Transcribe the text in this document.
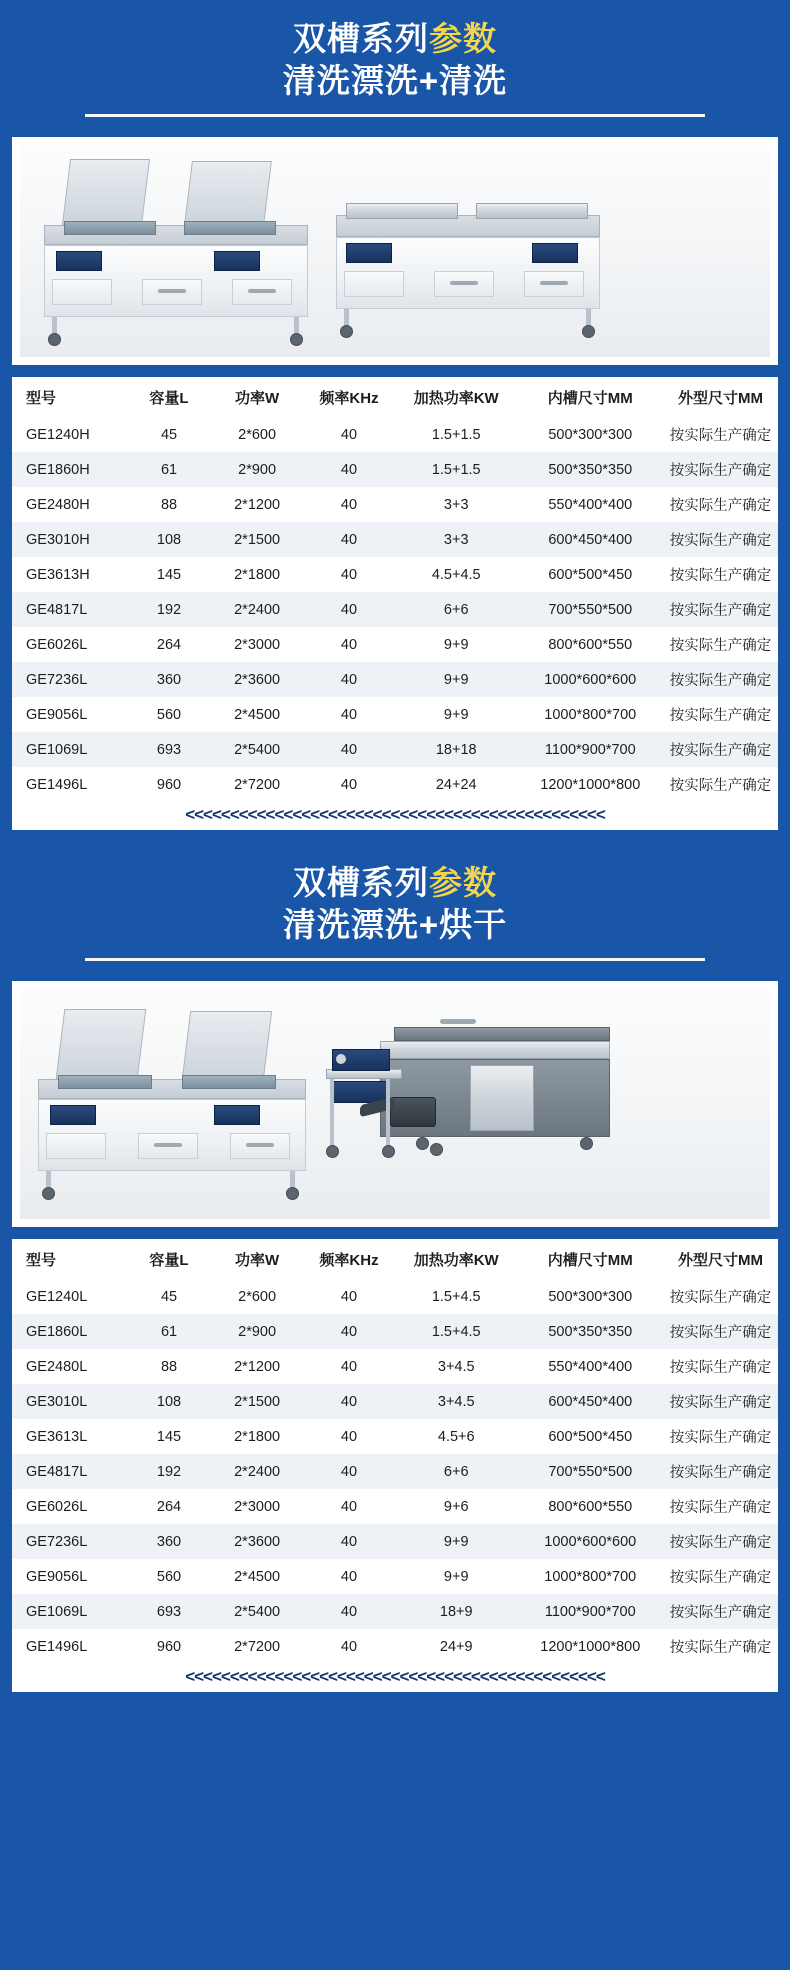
双槽系列参数
清洗漂洗+清洗
型号	容量L	功率W	频率KHz	加热功率KW	内槽尺寸MM	外型尺寸MM
GE1240H	45	2*600	40	1.5+1.5	500*300*300	按实际生产确定
GE1860H	61	2*900	40	1.5+1.5	500*350*350	按实际生产确定
GE2480H	88	2*1200	40	3+3	550*400*400	按实际生产确定
GE3010H	108	2*1500	40	3+3	600*450*400	按实际生产确定
GE3613H	145	2*1800	40	4.5+4.5	600*500*450	按实际生产确定
GE4817L	192	2*2400	40	6+6	700*550*500	按实际生产确定
GE6026L	264	2*3000	40	9+9	800*600*550	按实际生产确定
GE7236L	360	2*3600	40	9+9	1000*600*600	按实际生产确定
GE9056L	560	2*4500	40	9+9	1000*800*700	按实际生产确定
GE1069L	693	2*5400	40	18+18	1100*900*700	按实际生产确定
GE1496L	960	2*7200	40	24+24	1200*1000*800	按实际生产确定
<<<<<<<<<<<<<<<<<<<<<<<<<<<<<<<<<<<<<<<<<<<<<<<
双槽系列参数
清洗漂洗+烘干
型号	容量L	功率W	频率KHz	加热功率KW	内槽尺寸MM	外型尺寸MM
GE1240L	45	2*600	40	1.5+4.5	500*300*300	按实际生产确定
GE1860L	61	2*900	40	1.5+4.5	500*350*350	按实际生产确定
GE2480L	88	2*1200	40	3+4.5	550*400*400	按实际生产确定
GE3010L	108	2*1500	40	3+4.5	600*450*400	按实际生产确定
GE3613L	145	2*1800	40	4.5+6	600*500*450	按实际生产确定
GE4817L	192	2*2400	40	6+6	700*550*500	按实际生产确定
GE6026L	264	2*3000	40	9+6	800*600*550	按实际生产确定
GE7236L	360	2*3600	40	9+9	1000*600*600	按实际生产确定
GE9056L	560	2*4500	40	9+9	1000*800*700	按实际生产确定
GE1069L	693	2*5400	40	18+9	1100*900*700	按实际生产确定
GE1496L	960	2*7200	40	24+9	1200*1000*800	按实际生产确定
<<<<<<<<<<<<<<<<<<<<<<<<<<<<<<<<<<<<<<<<<<<<<<<
